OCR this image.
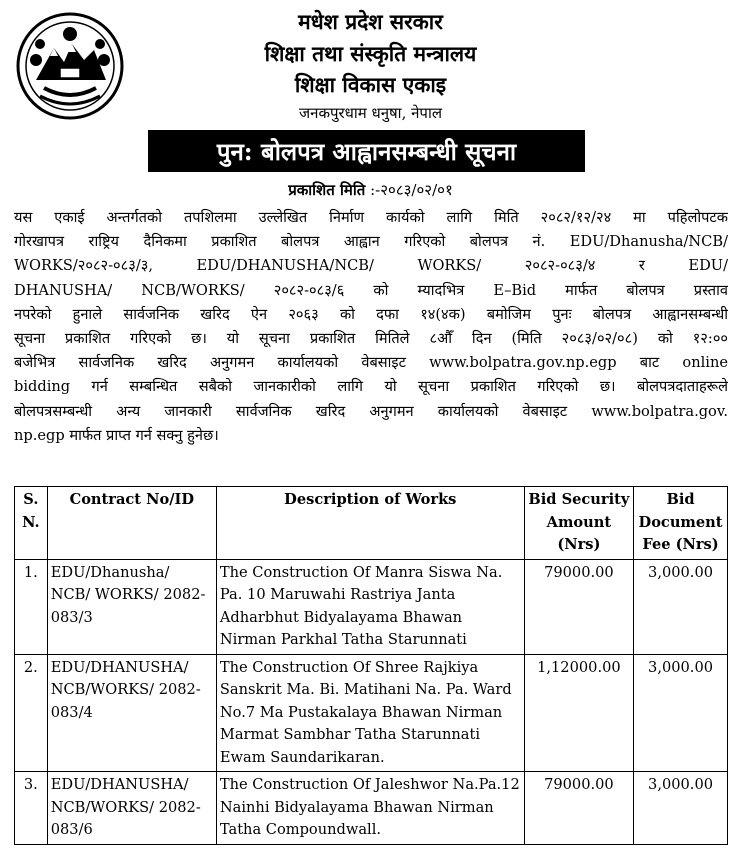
मधेश प्रदेश सरकार
शिक्षा तथा संस्कृति मन्त्रालय
शिक्षा विकास एकाइ
जनकपुरधाम धनुषा, नेपाल
पुन: बोलपत्र आह्वानसम्बन्धी सूचना
प्रकाशित मिति :-२०८३/०२/०१
यस एकाई अन्तर्गतको तपशिलमा उल्लेखित निर्माण कार्यको लागि मिति २०८२/१२/२४ मा पहिलोपटक
गोरखापत्र राष्ट्रिय दैनिकमा प्रकाशित बोलपत्र आह्वान गरिएको बोलपत्र नं. EDU/Dhanusha/NCB/
WORKS/२०८२-०८३/३, EDU/DHANUSHA/NCB/ WORKS/ २०८२-०८३/४ र EDU/
DHANUSHA/ NCB/WORKS/ २०८२-०८३/६ को म्यादभित्र E–Bid मार्फत बोलपत्र प्रस्ताव
नपरेको हुनाले सार्वजनिक खरिद ऐन २०६३ को दफा १४(४क) बमोजिम पुनः बोलपत्र आह्वानसम्बन्धी
सूचना प्रकाशित गरिएको छ। यो सूचना प्रकाशित मितिले ८औँ दिन (मिति २०८३/०२/०८) को १२:००
बजेभित्र सार्वजनिक खरिद अनुगमन कार्यालयको वेबसाइट www.bolpatra.gov.np.egp बाट online
bidding गर्न सम्बन्धित सबैको जानकारीको लागि यो सूचना प्रकाशित गरिएको छ। बोलपत्रदाताहरूले
बोलपत्रसम्बन्धी अन्य जानकारी सार्वजनिक खरिद अनुगमन कार्यालयको वेबसाइट www.bolpatra.gov.
np.egp मार्फत प्राप्त गर्न सक्नु हुनेछ।
S. N.	Contract No/ID	Description of Works	Bid Security Amount (Nrs)	Bid Document Fee (Nrs)
1.	EDU/Dhanusha/ NCB/ WORKS/ 2082-083/3	The Construction Of Manra Siswa Na. Pa. 10 Maruwahi Rastriya Janta Adharbhut Bidyalayama Bhawan Nirman Parkhal Tatha Starunnati	79000.00	3,000.00
2.	EDU/DHANUSHA/ NCB/WORKS/ 2082-083/4	The Construction Of Shree Rajkiya Sanskrit Ma. Bi. Matihani Na. Pa. Ward No.7 Ma Pustakalaya Bhawan Nirman Marmat Sambhar Tatha Starunnati Ewam Saundarikaran.	1,12000.00	3,000.00
3.	EDU/DHANUSHA/ NCB/WORKS/ 2082-083/6	The Construction Of Jaleshwor Na.Pa.12 Nainhi Bidyalayama Bhawan Nirman Tatha Compoundwall.	79000.00	3,000.00
